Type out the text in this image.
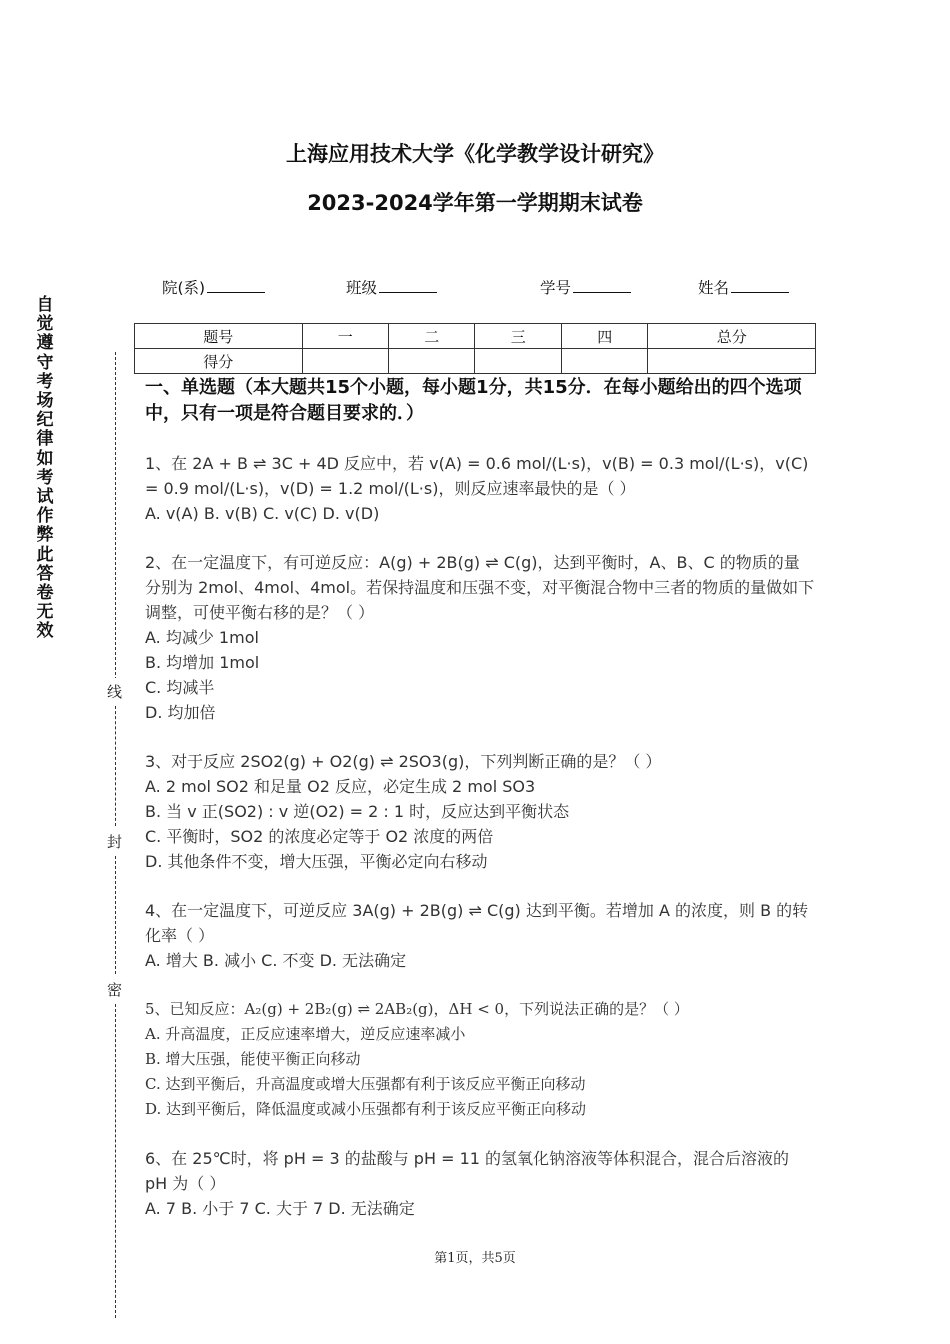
上海应用技术大学《化学教学设计研究》
2023-2024学年第一学期期末试卷
自觉遵守考场纪律如考试作弊此答卷无效
线
封
密
院(系)	班级	学号	姓名
题号	一	二	三	四	总分
得分					
一、单选题（本大题共15个小题，每小题1分，共15分．在每小题给出的四个选项中，只有一项是符合题目要求的．）
1、在 2A + B ⇌ 3C + 4D 反应中，若 v(A) = 0.6 mol/(L·s)，v(B) = 0.3 mol/(L·s)，v(C) = 0.9 mol/(L·s)，v(D) = 1.2 mol/(L·s)，则反应速率最快的是（ ）
A. v(A) B. v(B) C. v(C) D. v(D)
2、在一定温度下，有可逆反应：A(g) + 2B(g) ⇌ C(g)，达到平衡时，A、B、C 的物质的量分别为 2mol、4mol、4mol。若保持温度和压强不变，对平衡混合物中三者的物质的量做如下调整，可使平衡右移的是？（ ）
A. 均减少 1mol
B. 均增加 1mol
C. 均减半
D. 均加倍
3、对于反应 2SO2(g) + O2(g) ⇌ 2SO3(g)，下列判断正确的是？（ ）
A. 2 mol SO2 和足量 O2 反应，必定生成 2 mol SO3
B. 当 v 正(SO2) : v 逆(O2) = 2 : 1 时，反应达到平衡状态
C. 平衡时，SO2 的浓度必定等于 O2 浓度的两倍
D. 其他条件不变，增大压强，平衡必定向右移动
4、在一定温度下，可逆反应 3A(g) + 2B(g) ⇌ C(g) 达到平衡。若增加 A 的浓度，则 B 的转化率（ ）
A. 增大 B. 减小 C. 不变 D. 无法确定
5、已知反应：A₂(g) + 2B₂(g) ⇌ 2AB₂(g)，ΔH < 0，下列说法正确的是？（ ）
A. 升高温度，正反应速率增大，逆反应速率减小
B. 增大压强，能使平衡正向移动
C. 达到平衡后，升高温度或增大压强都有利于该反应平衡正向移动
D. 达到平衡后，降低温度或减小压强都有利于该反应平衡正向移动
6、在 25℃时，将 pH = 3 的盐酸与 pH = 11 的氢氧化钠溶液等体积混合，混合后溶液的 pH 为（ ）
A. 7 B. 小于 7 C. 大于 7 D. 无法确定
第1页，共5页
